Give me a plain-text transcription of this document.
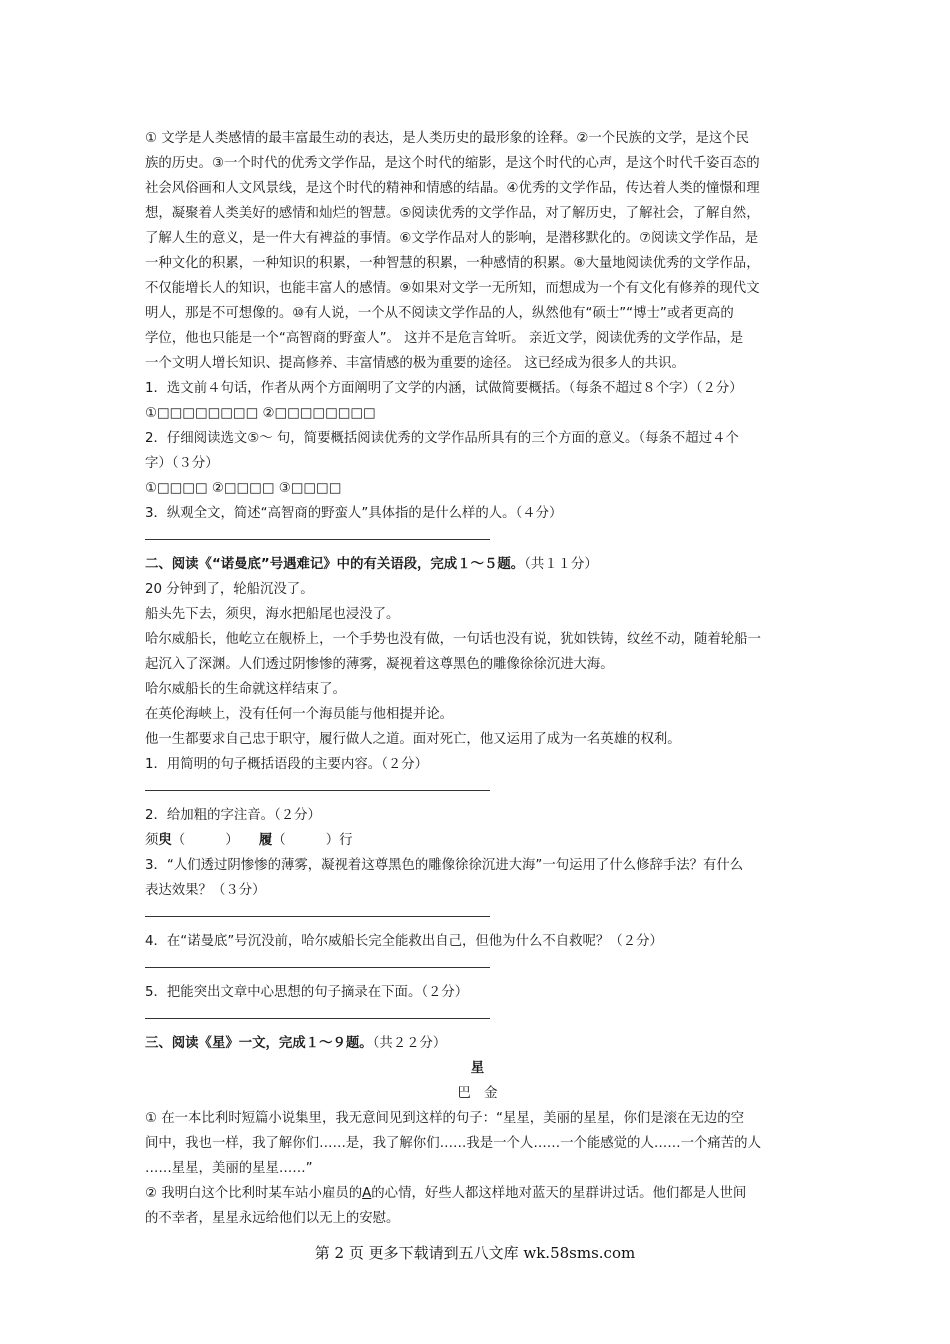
① 文学是人类感情的最丰富最生动的表达，是人类历史的最形象的诠释。②一个民族的文学，是这个民
族的历史。③一个时代的优秀文学作品，是这个时代的缩影，是这个时代的心声，是这个时代千姿百态的
社会风俗画和人文风景线，是这个时代的精神和情感的结晶。④优秀的文学作品，传达着人类的憧憬和理
想，凝聚着人类美好的感情和灿烂的智慧。⑤阅读优秀的文学作品，对了解历史，了解社会，了解自然，
了解人生的意义，是一件大有裨益的事情。⑥文学作品对人的影响，是潜移默化的。⑦阅读文学作品，是
一种文化的积累，一种知识的积累，一种智慧的积累，一种感情的积累。⑧大量地阅读优秀的文学作品，
不仅能增长人的知识，也能丰富人的感情。⑨如果对文学一无所知，而想成为一个有文化有修养的现代文
明人，那是不可想像的。⑩有人说，一个从不阅读文学作品的人，纵然他有“硕士”“博士”或者更高的
学位，他也只能是一个“高智商的野蛮人”。 这并不是危言耸听。 亲近文学，阅读优秀的文学作品，是
一个文明人增长知识、提高修养、丰富情感的极为重要的途径。 这已经成为很多人的共识。
1．选文前４句话，作者从两个方面阐明了文学的内涵，试做简要概括。（每条不超过８个字）（２分）
①□□□□□□□□ ②□□□□□□□□
2．仔细阅读选文⑤～ 句，简要概括阅读优秀的文学作品所具有的三个方面的意义。（每条不超过４个
字）（３分）
①□□□□ ②□□□□ ③□□□□
3．纵观全文，简述“高智商的野蛮人”具体指的是什么样的人。（４分）
二、阅读《“诺曼底”号遇难记》中的有关语段，完成１～５题。（共１１分）
20 分钟到了，轮船沉没了。
船头先下去，须臾，海水把船尾也浸没了。
哈尔威船长，他屹立在舰桥上，一个手势也没有做，一句话也没有说，犹如铁铸，纹丝不动，随着轮船一
起沉入了深渊。人们透过阴惨惨的薄雾，凝视着这尊黑色的雕像徐徐沉进大海。
哈尔威船长的生命就这样结束了。
在英伦海峡上，没有任何一个海员能与他相提并论。
他一生都要求自己忠于职守，履行做人之道。面对死亡，他又运用了成为一名英雄的权利。
1．用简明的句子概括语段的主要内容。（２分）
2．给加粗的字注音。（２分）
须臾（　　　）　　 履（　　　）行
3．“人们透过阴惨惨的薄雾，凝视着这尊黑色的雕像徐徐沉进大海”一句运用了什么修辞手法？有什么
表达效果？（３分）
4．在“诺曼底”号沉没前，哈尔威船长完全能救出自己，但他为什么不自救呢？（２分）
5．把能突出文章中心思想的句子摘录在下面。（２分）
三、阅读《星》一文，完成１～９题。（共２２分）
星
巴　金
① 在一本比利时短篇小说集里，我无意间见到这样的句子：“星星，美丽的星星，你们是滚在无边的空
间中，我也一样，我了解你们……是，我了解你们……我是一个人……一个能感觉的人……一个痛苦的人
……星星，美丽的星星……”
② 我明白这个比利时某车站小雇员的A的心情，好些人都这样地对蓝天的星群讲过话。他们都是人世间
的不幸者，星星永远给他们以无上的安慰。
第 2 页 更多下载请到五八文库 wk.58sms.com
